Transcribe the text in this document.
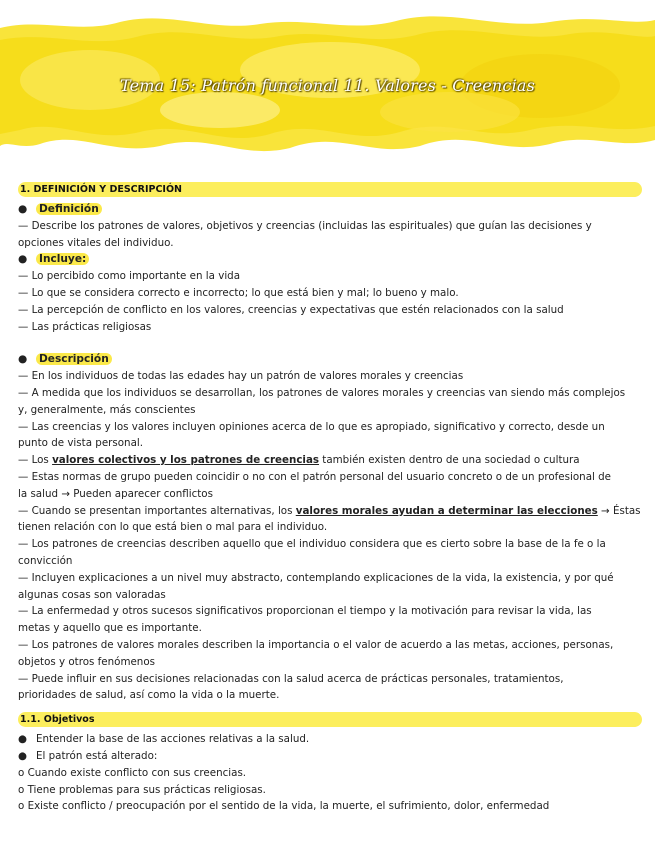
Tema 15: Patrón funcional 11. Valores - Creencias
1. DEFINICIÓN Y DESCRIPCIÓN
● Definición
— Describe los patrones de valores, objetivos y creencias (incluidas las espirituales) que guían las decisiones y
opciones vitales del individuo.
● Incluye:
— Lo percibido como importante en la vida
— Lo que se considera correcto e incorrecto; lo que está bien y mal; lo bueno y malo.
— La percepción de conflicto en los valores, creencias y expectativas que estén relacionados con la salud
— Las prácticas religiosas
● Descripción
— En los individuos de todas las edades hay un patrón de valores morales y creencias
— A medida que los individuos se desarrollan, los patrones de valores morales y creencias van siendo más complejos
y, generalmente, más conscientes
— Las creencias y los valores incluyen opiniones acerca de lo que es apropiado, significativo y correcto, desde un
punto de vista personal.
— Los valores colectivos y los patrones de creencias también existen dentro de una sociedad o cultura
— Estas normas de grupo pueden coincidir o no con el patrón personal del usuario concreto o de un profesional de
la salud → Pueden aparecer conflictos
— Cuando se presentan importantes alternativas, los valores morales ayudan a determinar las elecciones → Éstas
tienen relación con lo que está bien o mal para el individuo.
— Los patrones de creencias describen aquello que el individuo considera que es cierto sobre la base de la fe o la
convicción
— Incluyen explicaciones a un nivel muy abstracto, contemplando explicaciones de la vida, la existencia, y por qué
algunas cosas son valoradas
— La enfermedad y otros sucesos significativos proporcionan el tiempo y la motivación para revisar la vida, las
metas y aquello que es importante.
— Los patrones de valores morales describen la importancia o el valor de acuerdo a las metas, acciones, personas,
objetos y otros fenómenos
— Puede influir en sus decisiones relacionadas con la salud acerca de prácticas personales, tratamientos,
prioridades de salud, así como la vida o la muerte.
1.1. Objetivos
● Entender la base de las acciones relativas a la salud.
● El patrón está alterado:
o Cuando existe conflicto con sus creencias.
o Tiene problemas para sus prácticas religiosas.
o Existe conflicto / preocupación por el sentido de la vida, la muerte, el sufrimiento, dolor, enfermedad
